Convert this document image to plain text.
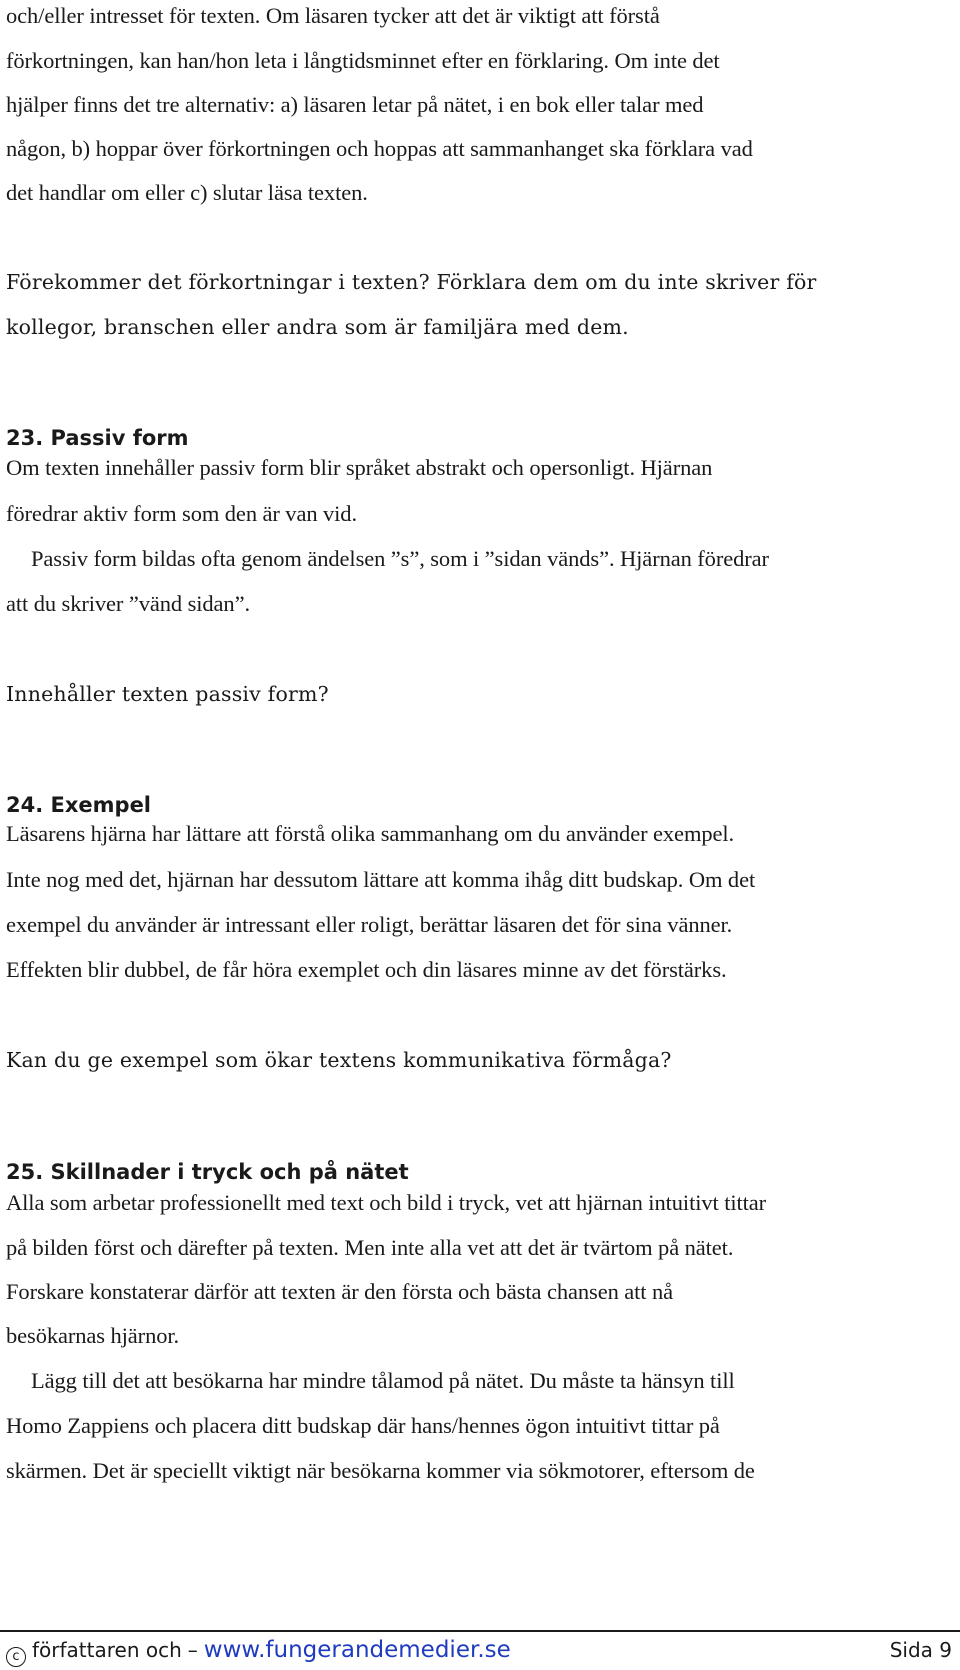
och/eller intresset för texten. Om läsaren tycker att det är viktigt att förstå
förkortningen, kan han/hon leta i långtidsminnet efter en förklaring. Om inte det
hjälper finns det tre alternativ: a) läsaren letar på nätet, i en bok eller talar med
någon, b) hoppar över förkortningen och hoppas att sammanhanget ska förklara vad
det handlar om eller c) slutar läsa texten.
Förekommer det förkortningar i texten? Förklara dem om du inte skriver för
kollegor, branschen eller andra som är familjära med dem.
23. Passiv form
Om texten innehåller passiv form blir språket abstrakt och opersonligt. Hjärnan
föredrar aktiv form som den är van vid.
Passiv form bildas ofta genom ändelsen ”s”, som i ”sidan vänds”. Hjärnan föredrar
att du skriver ”vänd sidan”.
Innehåller texten passiv form?
24. Exempel
Läsarens hjärna har lättare att förstå olika sammanhang om du använder exempel.
Inte nog med det, hjärnan har dessutom lättare att komma ihåg ditt budskap. Om det
exempel du använder är intressant eller roligt, berättar läsaren det för sina vänner.
Effekten blir dubbel, de får höra exemplet och din läsares minne av det förstärks.
Kan du ge exempel som ökar textens kommunikativa förmåga?
25. Skillnader i tryck och på nätet
Alla som arbetar professionellt med text och bild i tryck, vet att hjärnan intuitivt tittar
på bilden först och därefter på texten. Men inte alla vet att det är tvärtom på nätet.
Forskare konstaterar därför att texten är den första och bästa chansen att nå
besökarnas hjärnor.
Lägg till det att besökarna har mindre tålamod på nätet. Du måste ta hänsyn till
Homo Zappiens och placera ditt budskap där hans/hennes ögon intuitivt tittar på
skärmen. Det är speciellt viktigt när besökarna kommer via sökmotorer, eftersom de
c författaren och – www.fungerandemedier.se	Sida 9
